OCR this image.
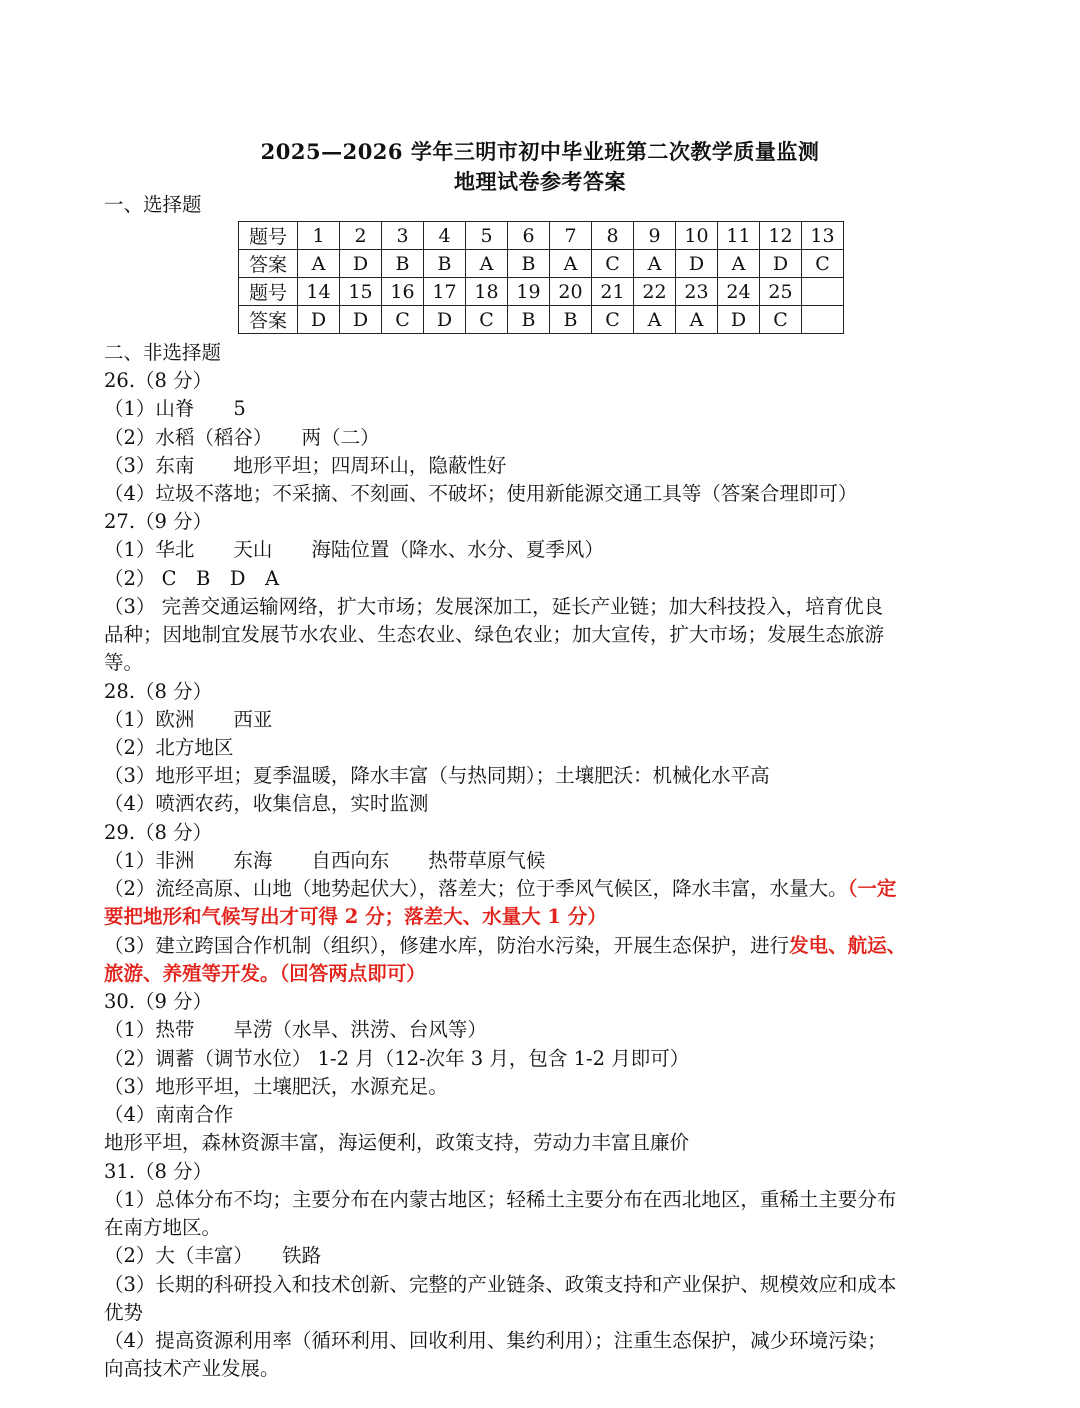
2025—2026 学年三明市初中毕业班第二次教学质量监测
地理试卷参考答案
一、选择题
题号	1	2	3	4	5	6	7	8	9	10	11	12	13
答案	A	D	B	B	A	B	A	C	A	D	A	D	C
题号	14	15	16	17	18	19	20	21	22	23	24	25	
答案	D	D	C	D	C	B	B	C	A	A	D	C	
二、非选择题
26.（8 分）
（1）山脊　　5
（2）水稻（稻谷）　　两（二）
（3）东南　　地形平坦；四周环山，隐蔽性好
（4）垃圾不落地；不采摘、不刻画、不破坏；使用新能源交通工具等（答案合理即可）
27.（9 分）
（1）华北　　天山　　海陆位置（降水、水分、夏季风）
（2） C　B　D　A
（3） 完善交通运输网络，扩大市场；发展深加工，延长产业链；加大科技投入，培育优良
品种；因地制宜发展节水农业、生态农业、绿色农业；加大宣传，扩大市场；发展生态旅游
等。
28.（8 分）
（1）欧洲　　西亚
（2）北方地区
（3）地形平坦；夏季温暖，降水丰富（与热同期）；土壤肥沃：机械化水平高
（4）喷洒农药，收集信息，实时监测
29.（8 分）
（1）非洲　　东海　　自西向东　　热带草原气候
（2）流经高原、山地（地势起伏大），落差大；位于季风气候区，降水丰富，水量大。（一定
要把地形和气候写出才可得 2 分；落差大、水量大 1 分）
（3）建立跨国合作机制（组织），修建水库，防治水污染，开展生态保护，进行发电、航运、
旅游、养殖等开发。（回答两点即可）
30.（9 分）
（1）热带　　旱涝（水旱、洪涝、台风等）
（2）调蓄（调节水位） 1-2 月（12-次年 3 月，包含 1-2 月即可）
（3）地形平坦，土壤肥沃，水源充足。
（4）南南合作
地形平坦，森林资源丰富，海运便利，政策支持，劳动力丰富且廉价
31.（8 分）
（1）总体分布不均；主要分布在内蒙古地区；轻稀土主要分布在西北地区，重稀土主要分布
在南方地区。
（2）大（丰富）　　铁路
（3）长期的科研投入和技术创新、完整的产业链条、政策支持和产业保护、规模效应和成本
优势
（4）提高资源利用率（循环利用、回收利用、集约利用）；注重生态保护，减少环境污染；
向高技术产业发展。
